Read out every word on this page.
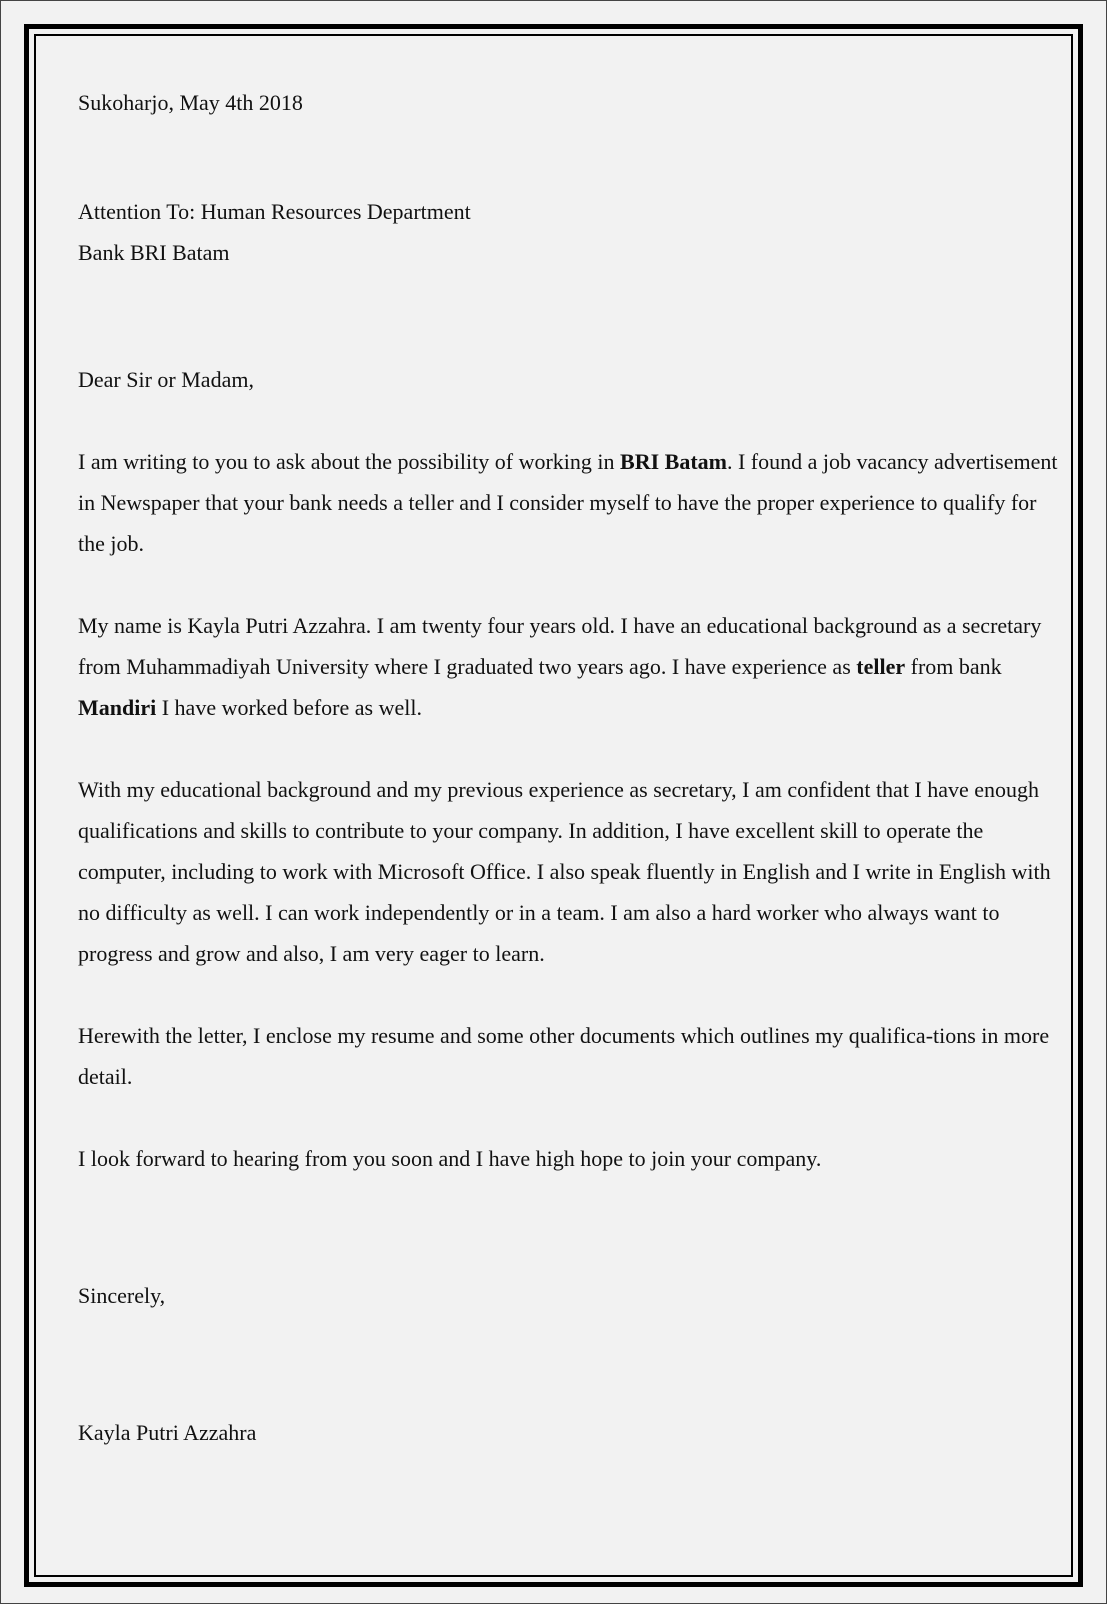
Sukoharjo, May 4th 2018

Attention To: Human Resources Department

Bank BRI Batam

Dear Sir or Madam,

I am writing to you to ask about the possibility of working in BRI Batam. I found a job vacancy advertisement in Newspaper that your bank needs a teller and I consider myself to have the proper experience to qualify for the job.

My name is Kayla Putri Azzahra. I am twenty four years old. I have an educational background as a secretary from Muhammadiyah University where I graduated two years ago. I have experience as teller from bank Mandiri I have worked before as well.

With my educational background and my previous experience as secretary, I am confident that I have enough qualifications and skills to contribute to your company. In addition, I have excellent skill to operate the computer, including to work with Microsoft Office. I also speak fluently in English and I write in English with no difficulty as well. I can work independently or in a team. I am also a hard worker who always want to progress and grow and also, I am very eager to learn.

Herewith the letter, I enclose my resume and some other documents which outlines my qualifica-tions in more detail.

I look forward to hearing from you soon and I have high hope to join your company.

Sincerely,

Kayla Putri Azzahra
